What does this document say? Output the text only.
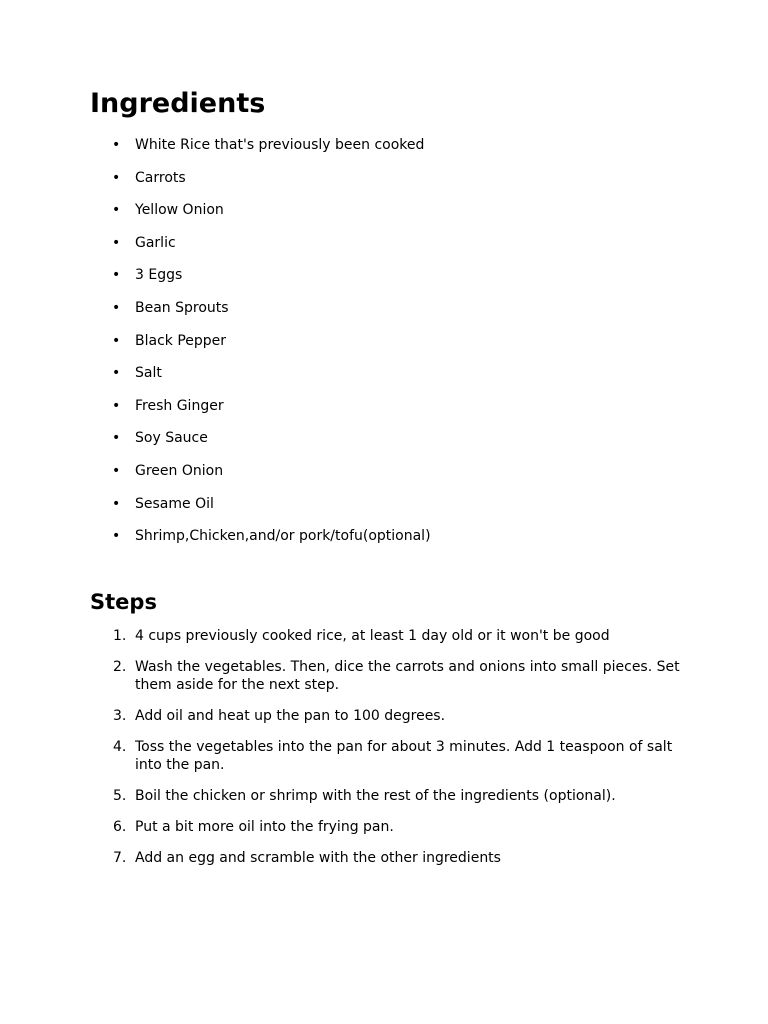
Ingredients
• White Rice that's previously been cooked
• Carrots
• Yellow Onion
• Garlic
• 3 Eggs
• Bean Sprouts
• Black Pepper
• Salt
• Fresh Ginger
• Soy Sauce
• Green Onion
• Sesame Oil
• Shrimp,Chicken,and/or pork/tofu(optional)
Steps
1. 4 cups previously cooked rice, at least 1 day old or it won't be good
2. Wash the vegetables. Then, dice the carrots and onions into small pieces. Set them aside for the next step.
3. Add oil and heat up the pan to 100 degrees.
4. Toss the vegetables into the pan for about 3 minutes. Add 1 teaspoon of salt into the pan.
5. Boil the chicken or shrimp with the rest of the ingredients (optional).
6. Put a bit more oil into the frying pan.
7. Add an egg and scramble with the other ingredients
